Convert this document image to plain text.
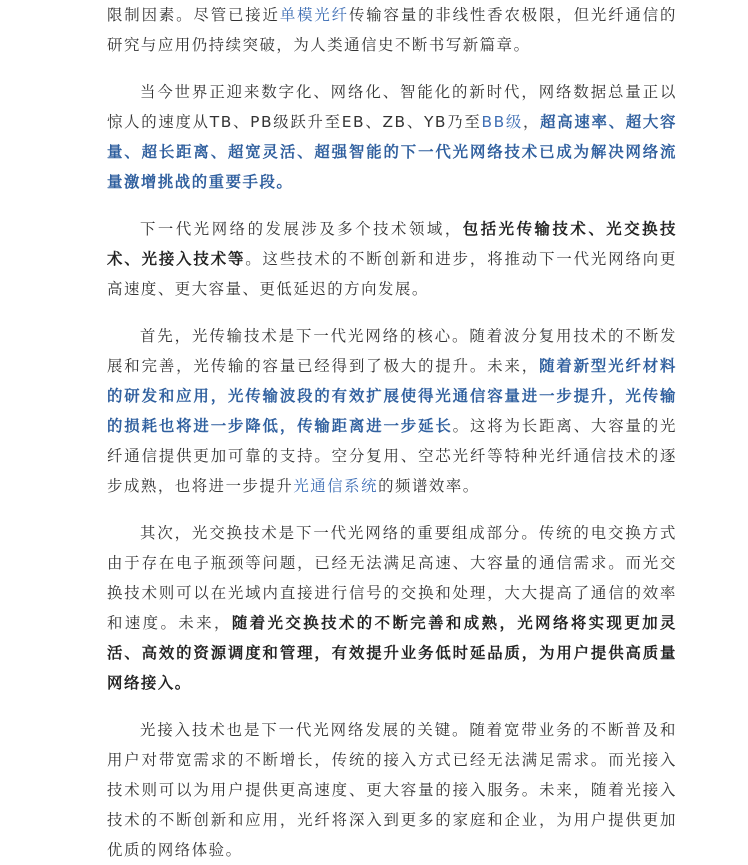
限制因素。尽管已接近单模光纤传输容量的非线性香农极限，但光纤通信的研究与应用仍持续突破，为人类通信史不断书写新篇章。

当今世界正迎来数字化、网络化、智能化的新时代，网络数据总量正以惊人的速度从TB、PB级跃升至EB、ZB、YB乃至BB级，超高速率、超大容量、超长距离、超宽灵活、超强智能的下一代光网络技术已成为解决网络流量激增挑战的重要手段。

下一代光网络的发展涉及多个技术领域，包括光传输技术、光交换技术、光接入技术等。这些技术的不断创新和进步，将推动下一代光网络向更高速度、更大容量、更低延迟的方向发展。

首先，光传输技术是下一代光网络的核心。随着波分复用技术的不断发展和完善，光传输的容量已经得到了极大的提升。未来，随着新型光纤材料的研发和应用，光传输波段的有效扩展使得光通信容量进一步提升，光传输的损耗也将进一步降低，传输距离进一步延长。这将为长距离、大容量的光纤通信提供更加可靠的支持。空分复用、空芯光纤等特种光纤通信技术的逐步成熟，也将进一步提升光通信系统的频谱效率。

其次，光交换技术是下一代光网络的重要组成部分。传统的电交换方式由于存在电子瓶颈等问题，已经无法满足高速、大容量的通信需求。而光交换技术则可以在光域内直接进行信号的交换和处理，大大提高了通信的效率和速度。未来，随着光交换技术的不断完善和成熟，光网络将实现更加灵活、高效的资源调度和管理，有效提升业务低时延品质，为用户提供高质量网络接入。

光接入技术也是下一代光网络发展的关键。随着宽带业务的不断普及和用户对带宽需求的不断增长，传统的接入方式已经无法满足需求。而光接入技术则可以为用户提供更高速度、更大容量的接入服务。未来，随着光接入技术的不断创新和应用，光纤将深入到更多的家庭和企业，为用户提供更加优质的网络体验。
